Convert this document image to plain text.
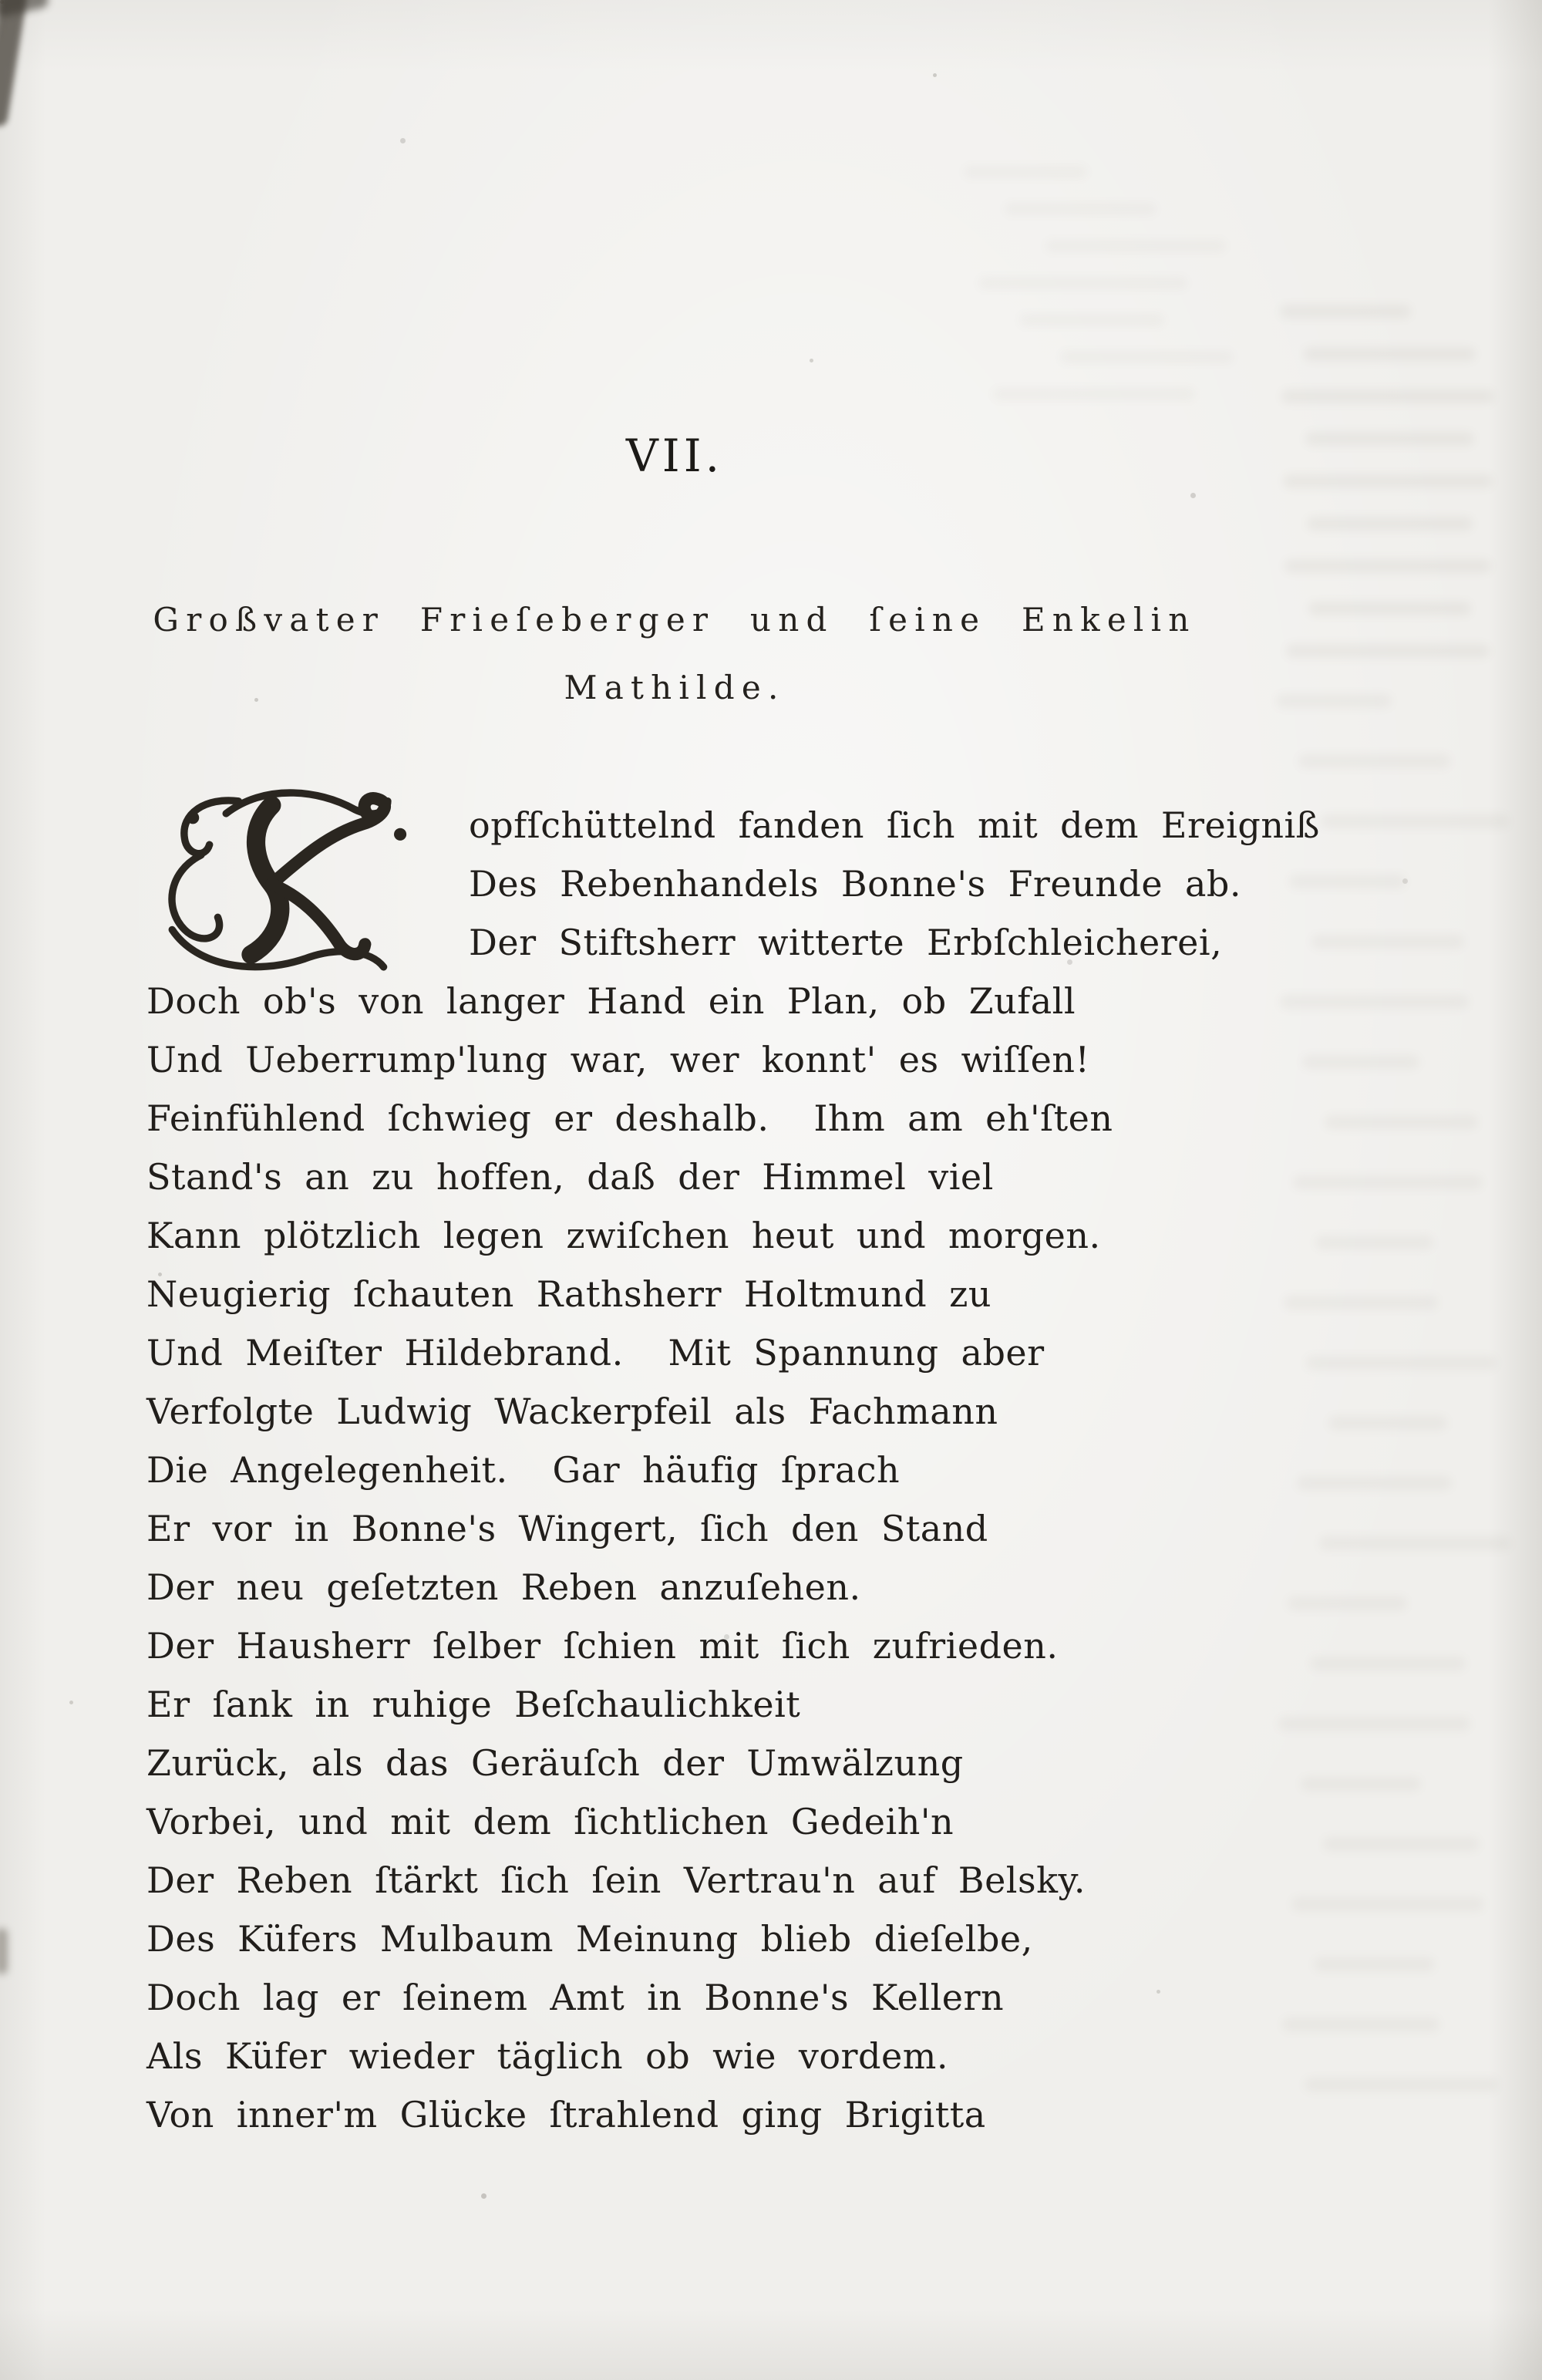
VII.
Großvater Frieſeberger und ſeine Enkelin
Mathilde.
opfſchüttelnd fanden ſich mit dem Ereigniß
Des Rebenhandels Bonne's Freunde ab.
Der Stiftsherr witterte Erbſchleicherei,
Doch ob's von langer Hand ein Plan, ob Zufall
Und Ueberrump'lung war, wer konnt' es wiſſen!
Feinfühlend ſchwieg er deshalb.  Ihm am eh'ſten
Stand's an zu hoffen, daß der Himmel viel
Kann plötzlich legen zwiſchen heut und morgen.
Neugierig ſchauten Rathsherr Holtmund zu
Und Meiſter Hildebrand.  Mit Spannung aber
Verfolgte Ludwig Wackerpfeil als Fachmann
Die Angelegenheit.  Gar häufig ſprach
Er vor in Bonne's Wingert, ſich den Stand
Der neu geſetzten Reben anzuſehen.
Der Hausherr ſelber ſchien mit ſich zufrieden.
Er ſank in ruhige Beſchaulichkeit
Zurück, als das Geräuſch der Umwälzung
Vorbei, und mit dem ſichtlichen Gedeih'n
Der Reben ſtärkt ſich ſein Vertrau'n auf Belsky.
Des Küfers Mulbaum Meinung blieb dieſelbe,
Doch lag er ſeinem Amt in Bonne's Kellern
Als Küfer wieder täglich ob wie vordem.
Von inner'm Glücke ſtrahlend ging Brigitta
